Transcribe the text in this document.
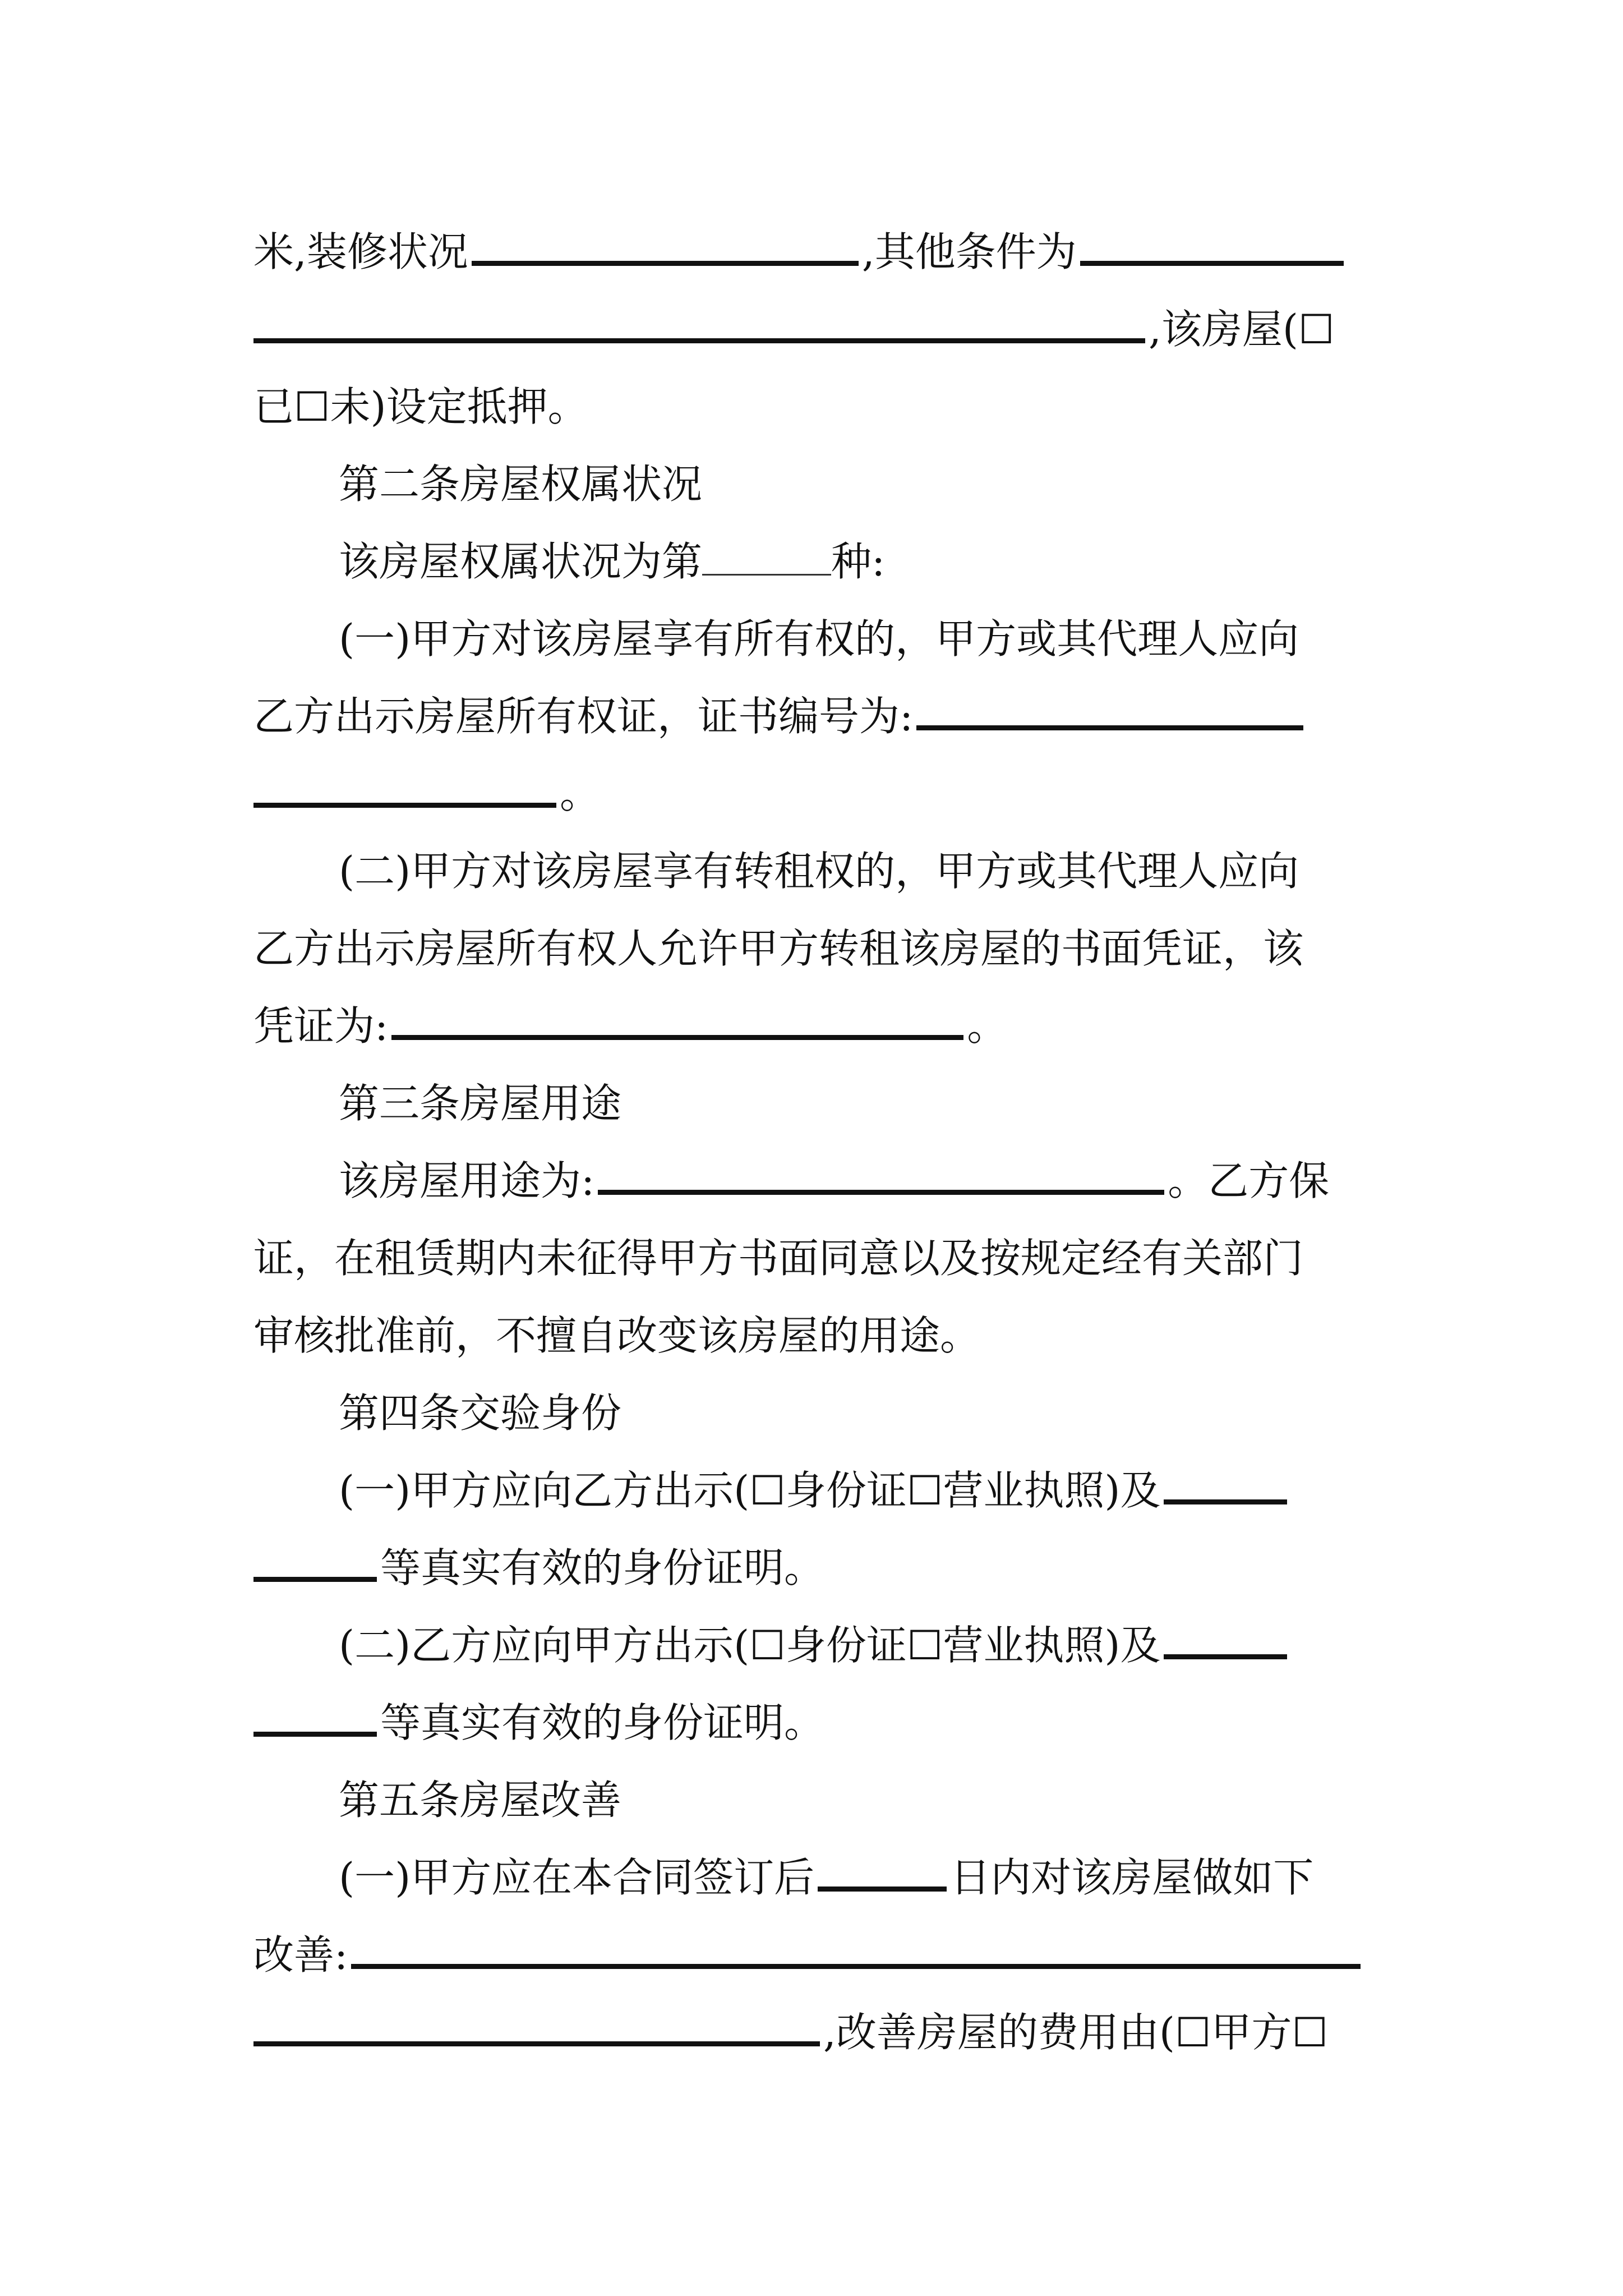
米,装修状况	,其他条件为
,该房屋(☐
已☐未)设定抵押。
第二条房屋权属状况
该房屋权属状况为第	种:
(一)甲方对该房屋享有所有权的，甲方或其代理人应向
乙方出示房屋所有权证，证书编号为:
。
(二)甲方对该房屋享有转租权的，甲方或其代理人应向
乙方出示房屋所有权人允许甲方转租该房屋的书面凭证，该
凭证为:	。
第三条房屋用途
该房屋用途为:	。乙方保
证，在租赁期内未征得甲方书面同意以及按规定经有关部门
审核批准前，不擅自改变该房屋的用途。
第四条交验身份
(一)甲方应向乙方出示(☐身份证☐营业执照)及
等真实有效的身份证明。
(二)乙方应向甲方出示(☐身份证☐营业执照)及
等真实有效的身份证明。
第五条房屋改善
(一)甲方应在本合同签订后	日内对该房屋做如下
改善:
,改善房屋的费用由(☐甲方☐
